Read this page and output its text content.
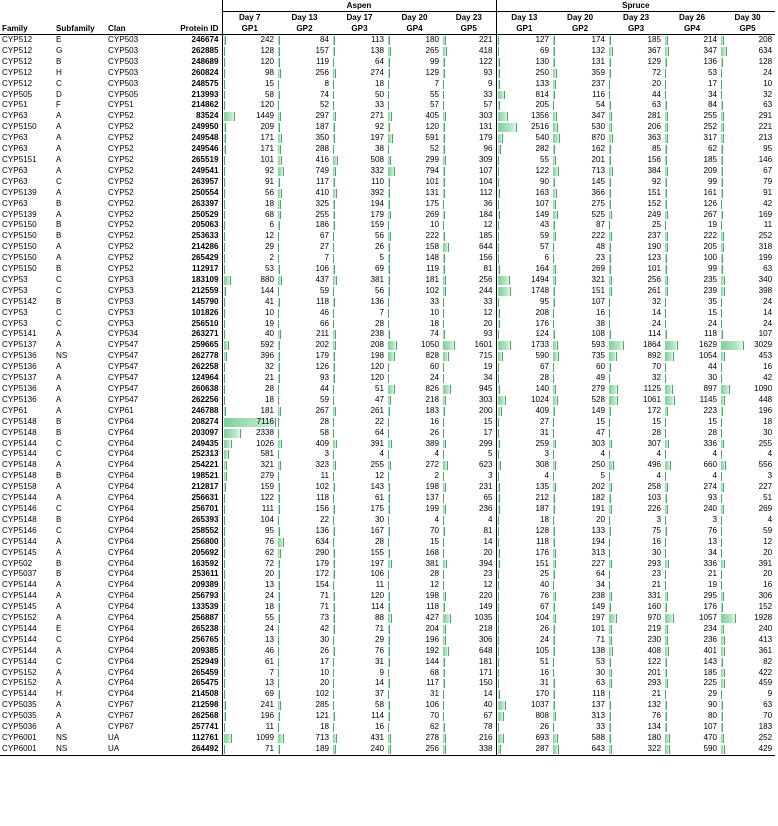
				Aspen					Spruce				
				Day 7	Day 13	Day 17	Day 20	Day 23	Day 13	Day 20	Day 23	Day 26	Day 30
Family	Subfamily	Clan	Protein ID	GP1	GP2	GP3	GP4	GP5	GP1	GP2	GP3	GP4	GP5
CYP512	E	CYP503	246674	242	84	113	180	221	127	174	185	214	208
CYP512	G	CYP503	262885	128	157	138	265	418	69	132	367	347	634
CYP512	B	CYP503	248689	120	119	64	99	122	130	131	129	136	128
CYP512	H	CYP503	260824	98	256	274	129	93	250	359	72	53	24
CYP512	C	CYP503	248575	15	8	18	7	9	133	237	20	17	10
CYP505	D	CYP505	213993	58	74	50	55	33	814	116	44	34	32
CYP51	F	CYP51	214862	120	52	33	57	57	205	54	63	84	63
CYP63	A	CYP52	83524	1449	297	271	405	303	1356	347	281	255	291
CYP5150	A	CYP52	249950	209	187	92	120	131	2516	530	206	252	221
CYP63	A	CYP52	249548	171	350	197	591	179	540	870	363	317	213
CYP63	A	CYP52	249546	171	288	38	52	96	282	162	85	62	95
CYP5151	A	CYP52	265519	101	416	508	299	309	55	201	156	185	146
CYP63	A	CYP52	249541	92	749	332	794	107	122	713	384	209	67
CYP63	C	CYP52	263957	91	117	110	101	104	90	145	92	99	79
CYP5139	A	CYP52	250554	56	410	392	131	112	163	366	151	161	91
CYP63	B	CYP52	263397	18	325	194	175	36	107	275	152	126	42
CYP5139	A	CYP52	250529	68	255	179	269	184	149	525	249	267	169
CYP5150	B	CYP52	205063	6	186	159	10	12	43	87	25	19	11
CYP5150	B	CYP52	253633	12	67	56	222	185	59	222	237	222	252
CYP5150	A	CYP52	214286	29	27	26	158	644	57	48	190	205	318
CYP5150	A	CYP52	265429	2	7	5	148	156	6	23	123	100	199
CYP5150	B	CYP52	112917	53	106	69	119	81	164	269	101	99	63
CYP53	C	CYP53	183109	880	437	381	181	256	1494	321	256	235	340
CYP53	C	CYP53	212559	144	59	56	102	244	1748	151	261	239	398
CYP5142	B	CYP53	145790	41	118	136	33	33	95	107	32	35	24
CYP53	C	CYP53	101826	10	46	7	10	12	208	16	14	15	14
CYP53	C	CYP53	256510	19	66	28	18	20	176	38	24	24	24
CYP5141	A	CYP534	263271	40	211	238	74	93	124	108	114	118	107
CYP5137	A	CYP547	259665	592	202	208	1050	1601	1733	593	1864	1629	3029
CYP5136	NS	CYP547	262778	396	179	198	828	715	590	735	892	1054	453
CYP5136	A	CYP547	262258	32	126	120	60	19	67	60	70	44	16
CYP5137	A	CYP547	124964	21	93	120	24	34	28	49	32	30	42
CYP5136	A	CYP547	260638	28	44	51	826	945	140	279	1125	897	1090
CYP5136	A	CYP547	262256	18	59	47	218	303	1024	528	1061	1145	448
CYP61	A	CYP61	246788	181	267	261	183	200	409	149	172	223	196
CYP5148	B	CYP64	208274	7116	28	22	16	15	27	15	15	15	18
CYP5148	B	CYP64	203097	2338	58	64	26	17	31	47	28	28	30
CYP5144	C	CYP64	249435	1026	409	391	389	299	259	303	307	336	255
CYP5144	C	CYP64	252313	581	3	4	4	5	3	4	4	4	4
CYP5148	A	CYP64	254221	321	323	255	272	623	308	250	496	660	556
CYP5148	B	CYP64	198521	279	11	12	2	3	4	5	4	4	3
CYP5158	A	CYP64	212817	159	102	143	198	231	135	202	258	274	227
CYP5144	A	CYP64	256631	122	118	61	137	65	212	182	103	93	51
CYP5146	C	CYP64	256701	111	156	175	199	236	187	191	226	240	269
CYP5148	B	CYP64	265393	104	22	30	4	4	18	20	3	3	4
CYP5146	C	CYP64	258552	95	136	167	70	81	128	133	75	76	59
CYP5144	A	CYP64	256800	76	634	28	15	14	118	194	16	13	12
CYP5145	A	CYP64	205692	62	290	155	168	20	176	313	30	34	20
CYP502	B	CYP64	163592	72	179	197	381	394	151	227	293	336	391
CYP5037	B	CYP64	253611	20	172	106	28	23	25	64	23	21	20
CYP5144	A	CYP64	209389	13	154	11	12	12	40	34	21	19	16
CYP5144	A	CYP64	256793	24	71	120	198	220	76	238	331	295	306
CYP5145	A	CYP64	133539	18	71	114	118	149	67	149	160	176	152
CYP5152	A	CYP64	256887	55	73	88	427	1035	104	197	970	1057	1928
CYP5144	E	CYP64	265238	24	42	71	204	218	26	101	219	234	240
CYP5144	C	CYP64	256765	13	30	29	196	306	24	71	230	236	413
CYP5144	A	CYP64	209385	46	26	76	192	648	105	138	408	401	361
CYP5144	C	CYP64	252949	61	17	31	144	181	51	53	122	143	82
CYP5152	A	CYP64	265459	7	10	9	68	171	16	30	201	185	422
CYP5152	A	CYP64	265475	13	20	14	117	150	31	63	293	225	459
CYP5144	H	CYP64	214508	69	102	37	31	14	170	118	21	29	9
CYP5035	A	CYP67	212598	241	285	58	106	40	1037	137	132	90	63
CYP5035	A	CYP67	262568	196	121	114	70	67	808	313	76	80	70
CYP5036	A	CYP67	257741	11	18	16	62	78	26	33	134	107	183
CYP6001	NS	UA	112761	1099	713	431	278	216	693	588	180	470	252
CYP6001	NS	UA	264492	71	189	240	256	338	287	643	322	590	429
